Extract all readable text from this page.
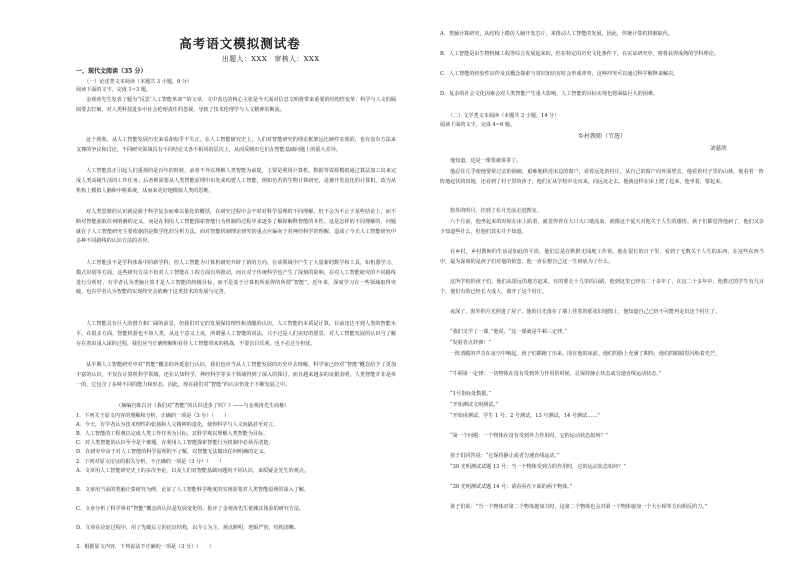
高考语文模拟测试卷
出题人：XXX　审核人：XXX
一、现代文阅读（35 分）
（一）论述类文本阅读（本题共 3 小题，9 分）
阅读下面的文字，完成 1~3 题。
金观涛先生发表了题为“反思‘人工智能革命’”的文章，文中表达的核心主张是今天面对信息文明将带来重要的结构性变革：科学与人文的隔阂要去打破，对人类科技进步中社会伦理责任的忽视，导致了技术伦理学与人文精神的断流。
这个现象，从人工智能发展历史来看却似乎不失正。在人工智能研究史上，人们对智能研究的理论框架远比硬件实现的，也有没有方法来支撑的争议和讨论，不同研究领域具有不同结论又各不相同的层次上，从而反映出它们在智能基础问题上的重大差异。
人工智能真正引起人们重视的是百年的时候，前者不外以理解人类智能为前提，主要是利用计算机、数据等资源模拟通过算法加工出来完成人类高级生活的工作任务；后者则需要从人类智能原理中出发来构建人工智能，例如仿若的生物计算研究，是被开发进化的计算机，改为从机构上模拟人脑和中枢系统，从而来更好地模拟人类的思维。
对人类思想的认识就是源于科学复杂而难以量化的概括，在研究过程中会不时对科学原理的不同理解，但不会为不止于某些结论上，而不断对智能获取任何明确的定义，而是在利用人工智能探索智能行为机制的过程中来逐步了解和解释智能的本性。这是怎样的不同理解的，问题就在于人工智能研究主要依据的是数学化的分析方法，而对智能机制理论研究的重点应偏向于对神经科学的理解，造成了今天人工智能研究中多种不同路线的认识方法的差异。
人工智能虽不是学科体系中的新学科，但人工智能为计算机研究开辟了新的方向。在该领域中产生了大量新的数学和工具，如机器学习、模式识别等方面，这些研究方法不但对人工智能在工程方面有所推动，而且对于传统科学也产生了深刻的影响。在对人工智能研究的不同路线进行分析时，有学者认为类脑计算才是人工智能的终极目标，而不是基于计算机所获得的所谓“智能”。近年来，深度学习在一些领域取得突破，也有学者认为智能的实现终究会依赖于这类技术的发展与完善。
人工智能具有巨大的潜力和广阔的前景，但我们对它的发展保持理性和清醒的认识。人工智能的本质是计算，目前还达不到人类的智能水平。在很多方面，智能机器也不如人类。从这个意义上说，所谓强人工智能的说法，只不过是人们美好的愿景。对人工智能发展的认识与了解存在着由浅入深的过程，我们应当正确理解和看待人工智能带来的挑战，不要盲目乐观，也不必过分担忧。
从半期人工智能研究中对“智能”概念的外延进行认识，我们也应当从人工智能发展的历史中去理解，科学家已经对“智能”概念给予了更加丰富的认识，不仅在计算机科学领域，还在认知科学、神经科学等多个领域得到了深入的探讨，而且越来越多的证据表明，人类智能并非是单一的，它包含了多种不同的能力和形态，因此，现在我们对“智能”的认识仍处于不断发展之中。
（摘编自陈白宫《我们对“智能”的认识进步了吗？》——与金观涛先生商榷）
1．下列关于原文内容的理解和分析，正确的一项是（3 分）（　　）
A．今天，有学者认为技术理性的张扬和人文精神的退化，使得科学与人文间隔甚至对立。
B．人工智能的工程观以完成人类工作任务为目标，其科学观以理解人类智能为目标。
C．对人类智能的认识至今是个难题，在利用人工智能探索智能行为机制中必须弄清楚。
D．在研究中由于对人工智能的科学原理的不了解，对智能无法做出任何明确的定义。
2．下列对原文论证的相关分析，不正确的一项是（3 分）（　　）
A．文章用人工智能研究史上的多次争论，以及人们对智能基础问题的不同认识，来质疑金先生的观点。
B．文章用当前的类脑计算研究为例，论证了人工智能科学维度的实现需要对人类智能原理的深入了解。
C．文章分析了科学界对“智能”概念的认识是发展变化的，批评了金观涛先生依赖其体验的研究方法。
D．文章在论证过程中，用了先破后立的论证结构，以今立为主，观点鲜明，逻辑严密，结构清晰。
3．根据原文内容，下列说法不正确的一项是（3 分）（　　）
A．类脑计算研究，从结构上模仿人脑开发芯片，来推动人工智能的发展，因此，传统计算机将被取代。
B．人工智能是由生物机械工程等综合发展起来的，但在特定的历史文化条件下，在实证研究中，将将获得成熟的学科理论。
C．人工智能的经验性证伴及其概念探索与常识知识有时会形成冲突，这种冲突可以通过科学解释来解决。
D．复杂的社会文化因素会对人类智能产生重大影响，人工智能的目标实现也将面临巨大的困难。
（二）文学类文本阅读（本题共 3 小题，14 分）
阅读下面的文字，完成 4~6 题。
乡村教师（节选）
刘慈欣
他知道，这是一课要被讲讲了。
他忍住几乎使他要晕过去的剧痛，艰难地移近床边的窗户，看着远处的村庄。从自己的窗户向外面望去，他看着村子里的山林，他看着一阵阵地起伏的田地，还看到了村子里的孩子，他们正从学校中走出来，向远处走去。他就这样在床上爬了起来，他坐着，要起来。
窗外的明月，挂到了在月光前走进教室。
六个月前，他坐起来的时候在床上趴着，就觉得胃在大口大口地流血，就像这个夏天对他关于人生的感悟。孩子们都觉得他病了，他们又多少知道些什么，但他们其实并不知道。
在乡村，乡村教师的生活是如此的平淡，他们总是在默默无闻地工作着。他在很长的日子里，看到了无数关于人生的东西，在这些东西当中，最为深刻的是孩子们对他的依恋，他一直在想自己这一生到底为了什么。
这所学校的孩子们，他们从很远的地方赶来，有的要走十几里的山路。他到这里已经有二十多年了，在这二十多年中，他教过的学生有几百个，他们有的已经长大成人，离开了这个村庄。
夜深了，窗外的月光照进了屋子，他的目光落在了墙上挂着的那张旧地图上，他知道自己已经不可能再走出这个村庄了。
“我们又学了一课，”他说，“这一课就是牛顿三定律。”
“发射者点炸弹！”
一阵清脆的声音在夜空中响起，孩子们都跑了出来，围在他的床前。他们的脸上充满了期待，他们的眼睛里闪烁着光芒。
“牛顿第一定律：一切物体在没有受到外力作用的时候，总保持静止状态或匀速直线运动状态。”
“1号指标处数据。”
“开始测试文明测试。”
“开始用测试，学生 1 号、2 号测试，13 号测试，14 号测试……”
“第一个问题：一个物体在没有受到外力作用时，它的运动状态如何？”
孩子们回答说：“它保持静止或者匀速直线运动。”
“30 光明测试试题 13 号：当一个物体受到力的作用时，它的运动状态如何？”
“30 光明测试试题 14 号：请看看在下面的两个物体。”
孩子们说：“当一个物体对第二个物体施加力时，这第二个物体也会对第一个物体施加一个大小相等方向相反的力。”
